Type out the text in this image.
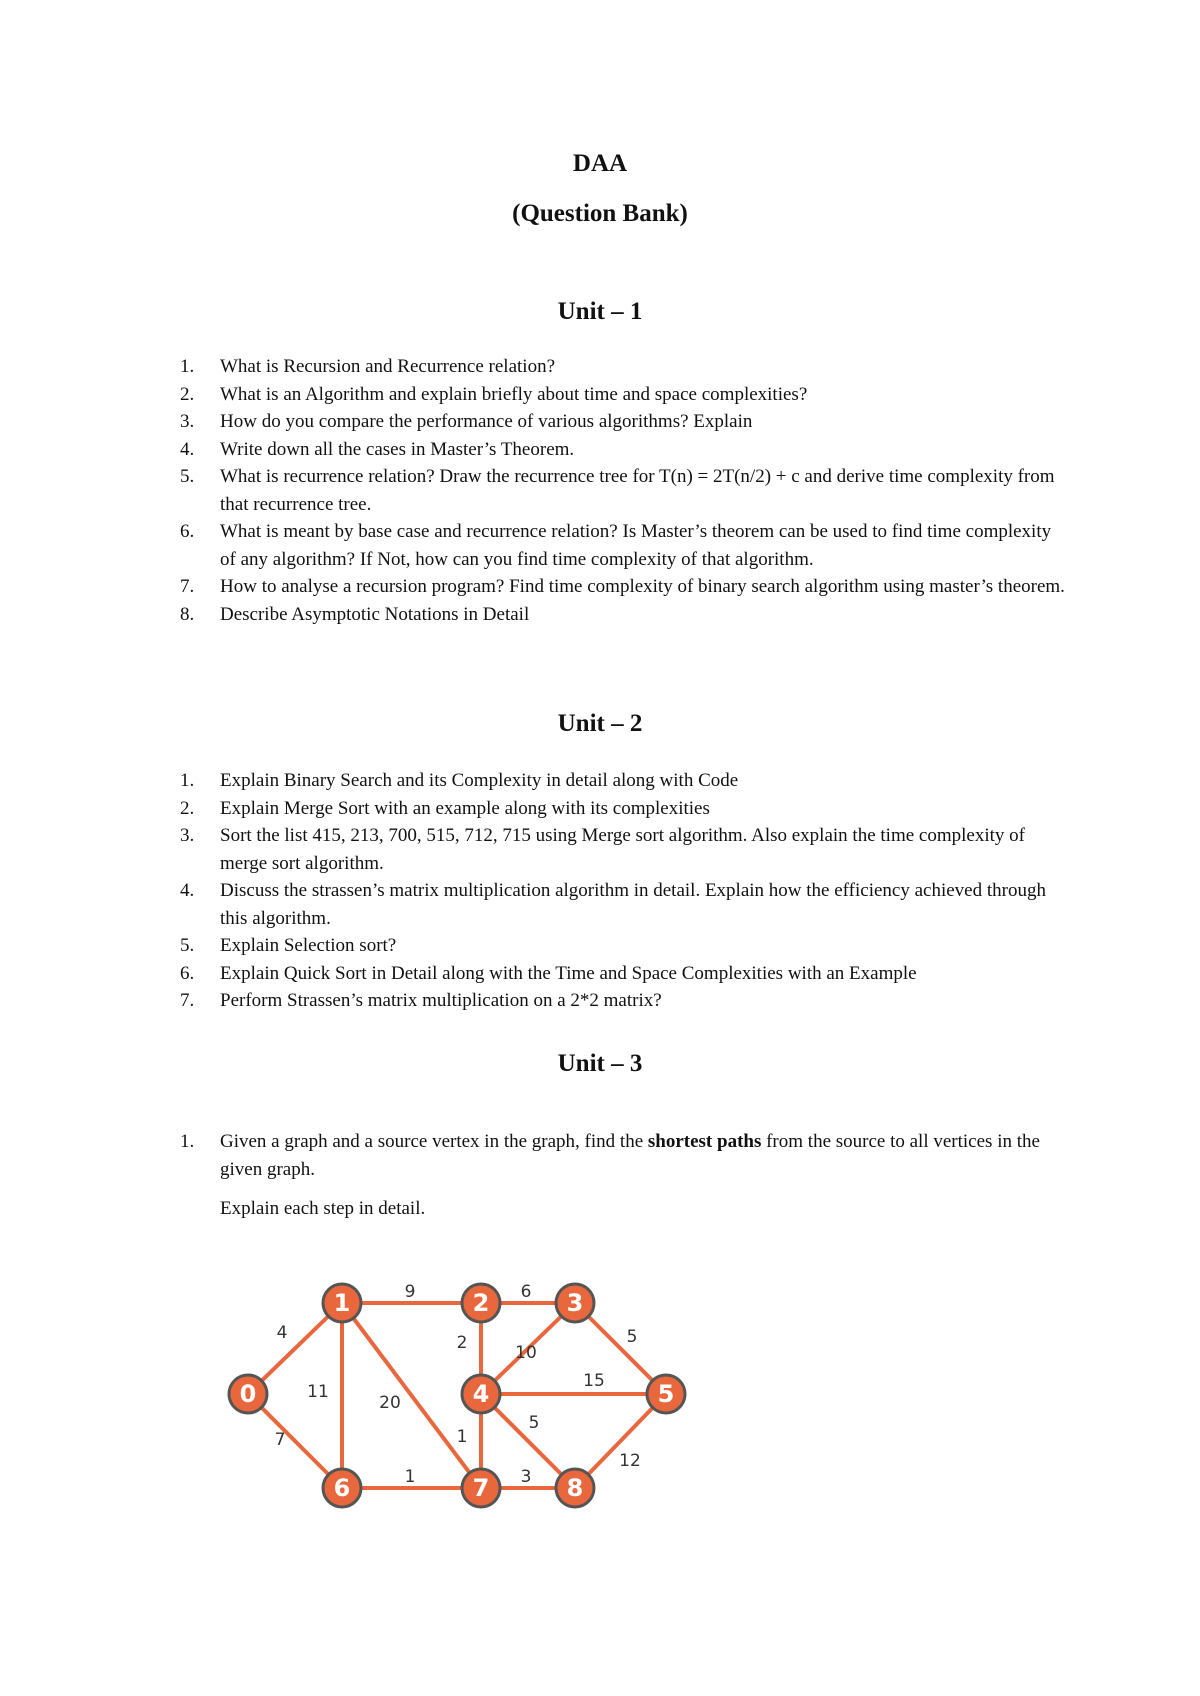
DAA
(Question Bank)
Unit – 1
1.	What is Recursion and Recurrence relation?
2.	What is an Algorithm and explain briefly about time and space complexities?
3.	How do you compare the performance of various algorithms? Explain
4.	Write down all the cases in Master’s Theorem.
5.	What is recurrence relation? Draw the recurrence tree for T(n) = 2T(n/2) + c and derive time complexity from that recurrence tree.
6.	What is meant by base case and recurrence relation? Is Master’s theorem can be used to find time complexity of any algorithm? If Not, how can you find time complexity of that algorithm.
7.	How to analyse a recursion program? Find time complexity of binary search algorithm using master’s theorem.
8.	Describe Asymptotic Notations in Detail
Unit – 2
1.	Explain Binary Search and its Complexity in detail along with Code
2.	Explain Merge Sort with an example along with its complexities
3.	Sort the list 415, 213, 700, 515, 712, 715 using Merge sort algorithm. Also explain the time complexity of merge sort algorithm.
4.	Discuss the strassen’s matrix multiplication algorithm in detail. Explain how the efficiency achieved through this algorithm.
5.	Explain Selection sort?
6.	Explain Quick Sort in Detail along with the Time and Space Complexities with an Example
7.	Perform Strassen’s matrix multiplication on a 2*2 matrix?
Unit – 3
1.	Given a graph and a source vertex in the graph, find the shortest paths from the source to all vertices in the given graph.
Explain each step in detail.
4
7
9
11
20
6
2	10
5
15
1
5
12
1	3
0
1	2	3
4	5
6	7	8
